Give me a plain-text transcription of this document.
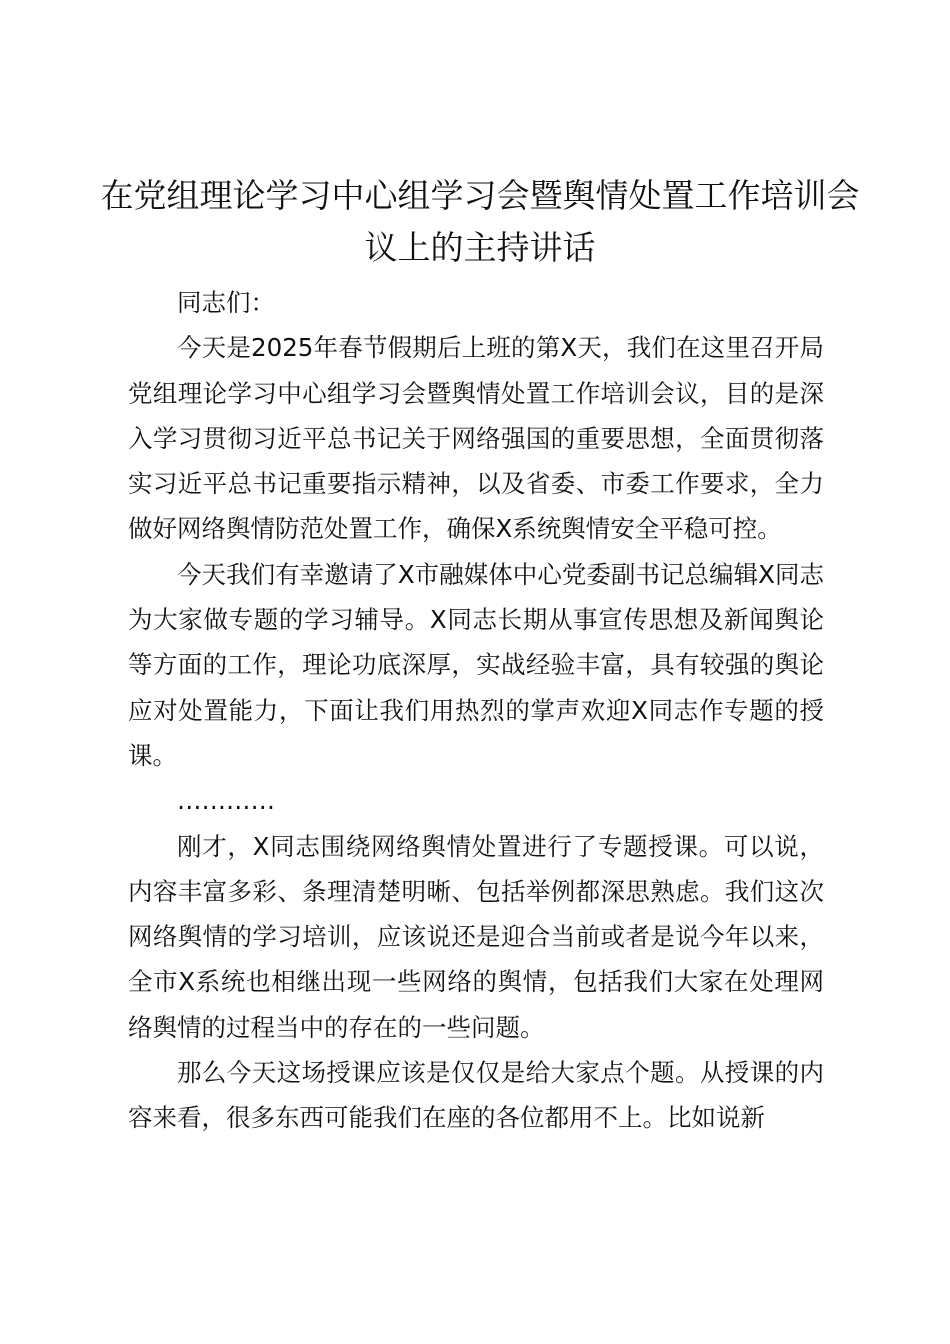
在党组理论学习中心组学习会暨舆情处置工作培训会议上的主持讲话

同志们：

今天是2025年春节假期后上班的第X天，我们在这里召开局党组理论学习中心组学习会暨舆情处置工作培训会议，目的是深入学习贯彻习近平总书记关于网络强国的重要思想，全面贯彻落实习近平总书记重要指示精神，以及省委、市委工作要求，全力做好网络舆情防范处置工作，确保X系统舆情安全平稳可控。

今天我们有幸邀请了X市融媒体中心党委副书记总编辑X同志为大家做专题的学习辅导。X同志长期从事宣传思想及新闻舆论等方面的工作，理论功底深厚，实战经验丰富，具有较强的舆论应对处置能力，下面让我们用热烈的掌声欢迎X同志作专题的授课。

…………

刚才，X同志围绕网络舆情处置进行了专题授课。可以说，内容丰富多彩、条理清楚明晰、包括举例都深思熟虑。我们这次网络舆情的学习培训，应该说还是迎合当前或者是说今年以来，全市X系统也相继出现一些网络的舆情，包括我们大家在处理网络舆情的过程当中的存在的一些问题。

那么今天这场授课应该是仅仅是给大家点个题。从授课的内容来看，很多东西可能我们在座的各位都用不上。比如说新
